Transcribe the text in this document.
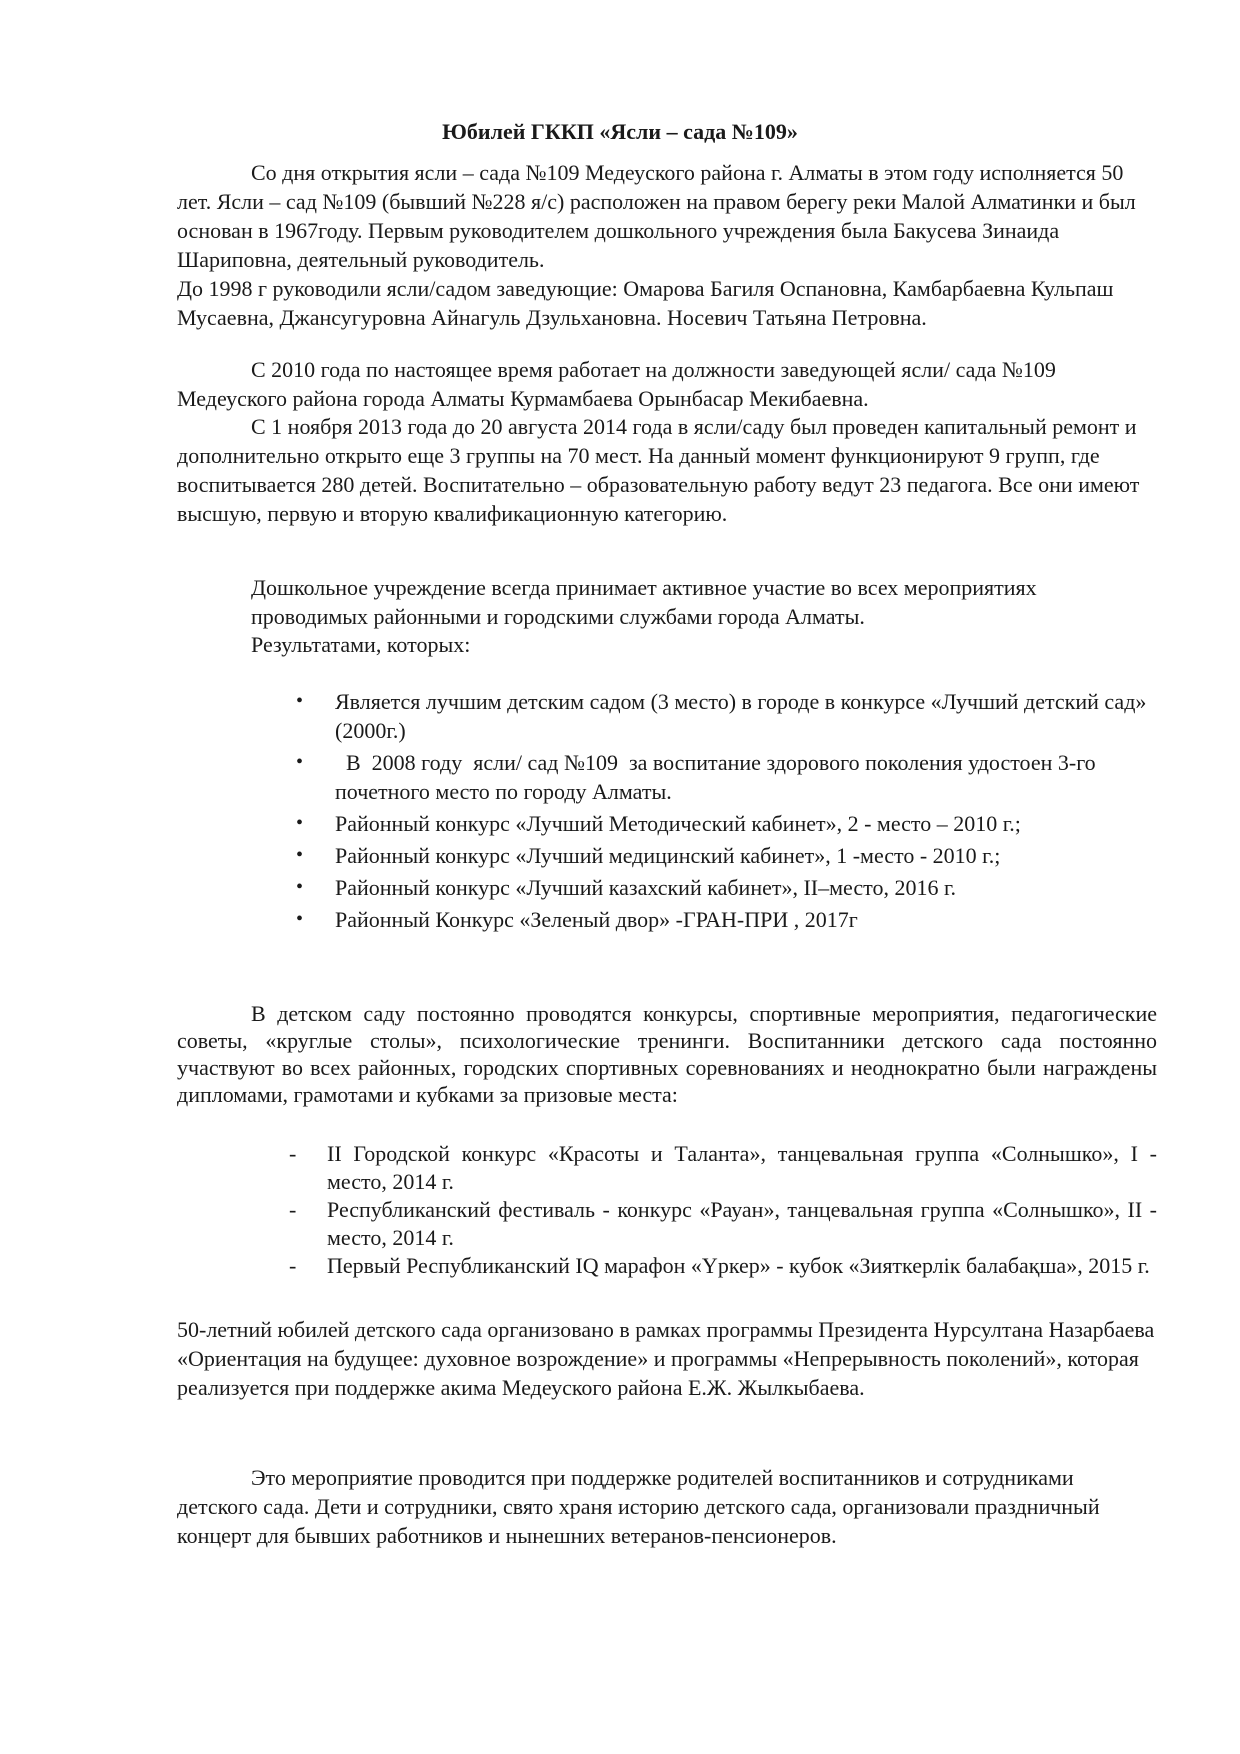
Юбилей ГККП «Ясли – сада №109»

Со дня открытия ясли – сада №109 Медеуского района г. Алматы в этом году исполняется 50 лет. Ясли – сад №109 (бывший №228 я/с) расположен на правом берегу реки Малой Алматинки и был основан в 1967году. Первым руководителем дошкольного учреждения была Бакусева Зинаида Шариповна, деятельный руководитель.

До 1998 г руководили ясли/садом заведующие: Омарова Багиля Оспановна, Камбарбаевна Кульпаш Мусаевна, Джансугуровна Айнагуль Дзульхановна. Носевич Татьяна Петровна.

С 2010 года по настоящее время работает на должности заведующей ясли/ сада №109 Медеуского района города Алматы Курмамбаева Орынбасар Мекибаевна.

С 1 ноября 2013 года до 20 августа 2014 года в ясли/саду был проведен капитальный ремонт и дополнительно открыто еще 3 группы на 70 мест. На данный момент функционируют 9 групп, где воспитывается 280 детей. Воспитательно – образовательную работу ведут 23 педагога. Все они имеют высшую, первую и вторую квалификационную категорию.

Дошкольное учреждение всегда принимает активное участие во всех мероприятиях проводимых районными и городскими службами города Алматы.

Результатами, которых:

• Является лучшим детским садом (3 место) в городе в конкурсе «Лучший детский сад» (2000г.)
• В  2008 году  ясли/ сад №109  за воспитание здорового поколения удостоен 3-го почетного место по городу Алматы.
• Районный конкурс «Лучший Методический кабинет», 2 - место – 2010 г.;
• Районный конкурс «Лучший медицинский кабинет», 1 -место - 2010 г.;
• Районный конкурс «Лучший казахский кабинет», II–место, 2016 г.
• Районный Конкурс «Зеленый двор» -ГРАН-ПРИ , 2017г

В детском саду постоянно проводятся конкурсы, спортивные мероприятия, педагогические советы, «круглые столы», психологические тренинги. Воспитанники детского сада постоянно участвуют во всех районных, городских спортивных соревнованиях и неоднократно были награждены дипломами, грамотами и кубками за призовые места:

- II Городской конкурс «Красоты и Таланта», танцевальная группа «Солнышко», I - место, 2014 г.
- Республиканский фестиваль - конкурс «Рауан», танцевальная группа «Солнышко», II - место, 2014 г.
- Первый Республиканский IQ марафон «Үркер» - кубок «Зияткерлік балабақша», 2015 г.

50-летний юбилей детского сада организовано в рамках программы Президента Нурсултана Назарбаева «Ориентация на будущее: духовное возрождение» и программы «Непрерывность поколений», которая реализуется при поддержке акима Медеуского района Е.Ж. Жылкыбаева.

Это мероприятие проводится при поддержке родителей воспитанников и сотрудниками детского сада. Дети и сотрудники, свято храня историю детского сада, организовали праздничный концерт для бывших работников и нынешних ветеранов-пенсионеров.
